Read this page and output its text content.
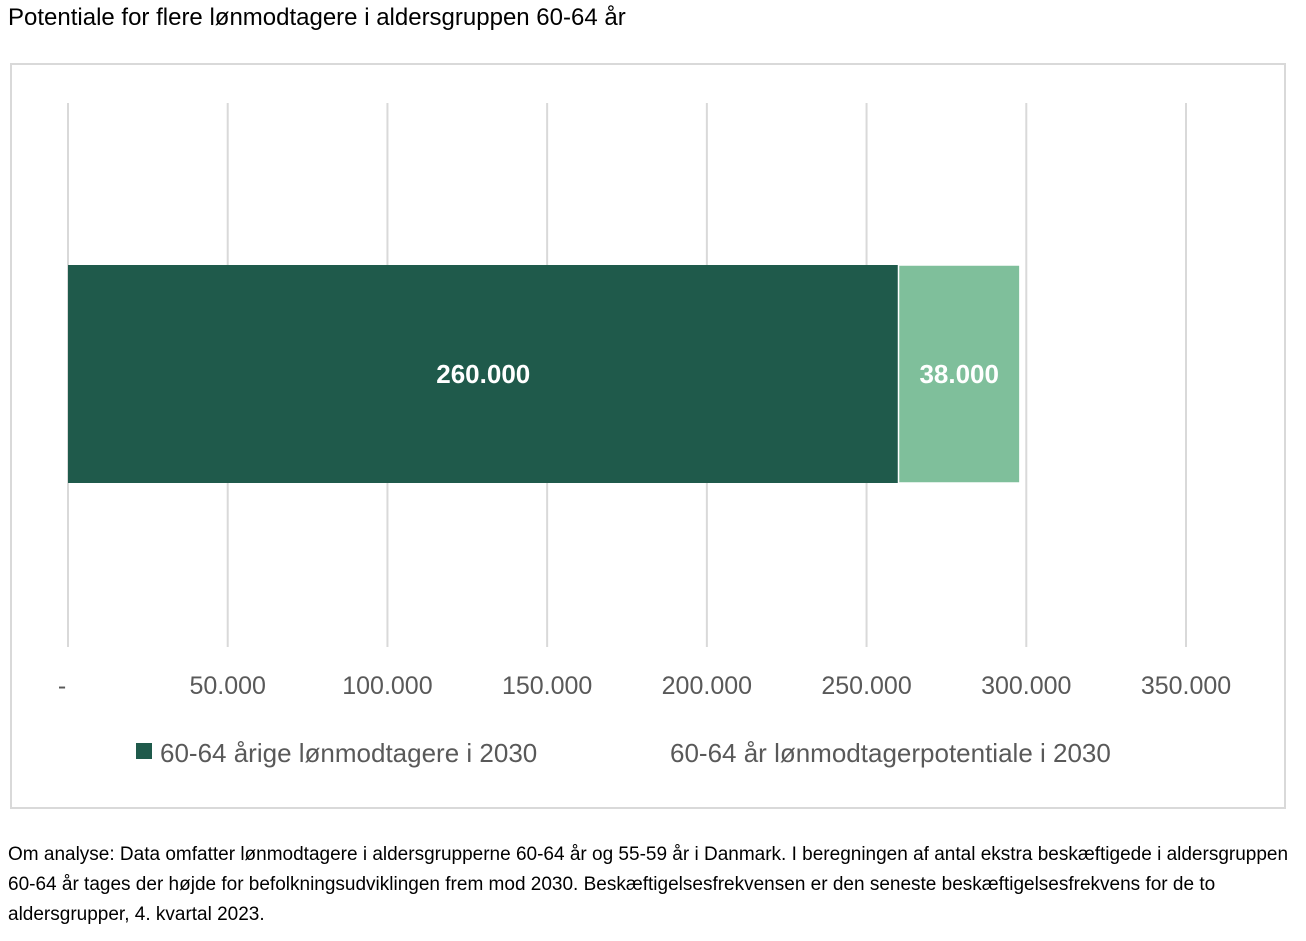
Potentiale for flere lønmodtagere i aldersgruppen 60-64 år
-	50.000	100.000	150.000	200.000	250.000	300.000	350.000
260.000	38.000
60-64 årige lønmodtagere i 2030	60-64 år lønmodtagerpotentiale i 2030
Om analyse: Data omfatter lønmodtagere i aldersgrupperne 60-64 år og 55-59 år i Danmark. I beregningen af antal ekstra beskæftigede i aldersgruppen 60-64 år tages der højde for befolkningsudviklingen frem mod 2030. Beskæftigelsesfrekvensen er den seneste beskæftigelsesfrekvens for de to aldersgrupper, 4. kvartal 2023.
